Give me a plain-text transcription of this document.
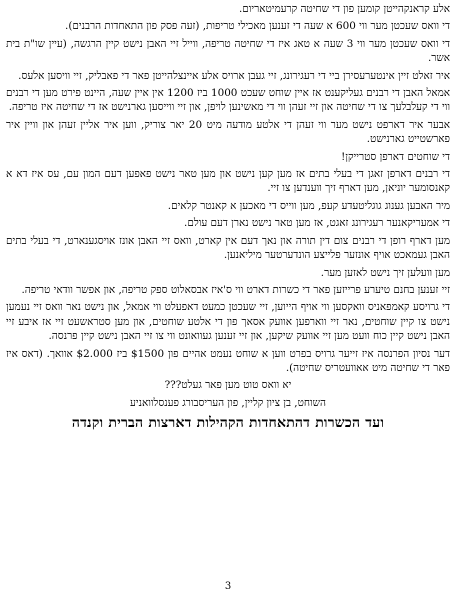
אלע קראנקהייטן קומען פון די שחיטה קרעמיטאריום.

די וואס שעכטן מער ווי 600 א שעה די זענען מאכילי טריפות, (זעה פסק פון התאחדות הרבנים).

די וואס שעכטן מער ווי 3 שעה א טאג איז די שחיטה טריפה, ווייל זיי האבן נישט קיין הרגשה, (עיין שו"ת בית אשר.

איר זאלט זיין אינטערעסירן ביי די רעגירונג, זיי געבן ארויס אלע איינצלהייטן פאר די פאבליק, זיי וויסען אלעס.

אמאל האבן די רבנים געליקענט אז איין שוחט שעכט 1000 ביז 1200 אין איין שעה, היינט פירט מען די רבנים ווי די קעלבלעך צו די שחיטה און זיי זעהן ווי די מאשינען לויפן, און זיי ווייסען גארנישט אז די שחיטה איז טריפה.

אבער איר דארפט נישט מער ווי זעהן די אלטע מודעה מיט 20 יאר צוריק, ווען איר אליין זעהן און וויין איר פארשטייט גארנישט.

די שוחטים דארפן סטרייקן!

די רבנים דארפן זאגן די בעלי בתים אז מען קען נישט און מען טאר נישט פאפען דעם המון עם, עס איז דא א קאנסומער יוניאן, מען דארף זיך ווענדען צו זיי.

מיר האבען גענוג גוגליטעדע קעפ, מען ווייס די מאכען א קאנטר קלאים.

די אמעריקאנער רעגירונג זאגט, אז מען טאר נישט נארן דעם עולם.

מען דארף רופן די רבנים צום דין תורה און נאך דעם אין קארט, וואס זיי האבן אונז אויסגענארט, די בעלי בתים האבן געמאכט אויף אונזער פלייצע הונדערטער מיליאנען.

מען וועלען זיך נישט לאזען מער.

זיי זענען בחנם טיערע פרייזען פאר די כשרות דארט ווי ס'איז אבסאלוט ספק טריפה, און אפשר וודאי טריפה.

די גרויסע קאמפאניס וואקסען ווי אויף הייוען, זיי שעכטן כמעט דאפעלט ווי אמאל, און נישט נאר וואס זיי נעמען נישט צו קיין שוחטים, נאר זיי ווארפען אוועק אסאך פון די אלטע שוחטים, און מען סטראשעט זיי אז איבע זיי האבן נישט קיין כוח וועט מען זיי אוועק שיקען, און זיי זענען געוואונט ווי צו זיי האבן נישט קיין פרנסה.

דער נסיון הפרנסה איז זייער גרויס בפרט ווען א שוחט נעמט אהיים פון $1500 ביז $2.000 אוואך. (דאס איז פאר די שחיטה מיט אאוועטריס שחיטה).

יא וואס טוט מען פאר געלט???

השוחט, בן ציון קליין, פון העריסבורג פענסלוואניע

ועד הכשרות דהתאחדות הקהילות דארצות הברית וקנדה
3
